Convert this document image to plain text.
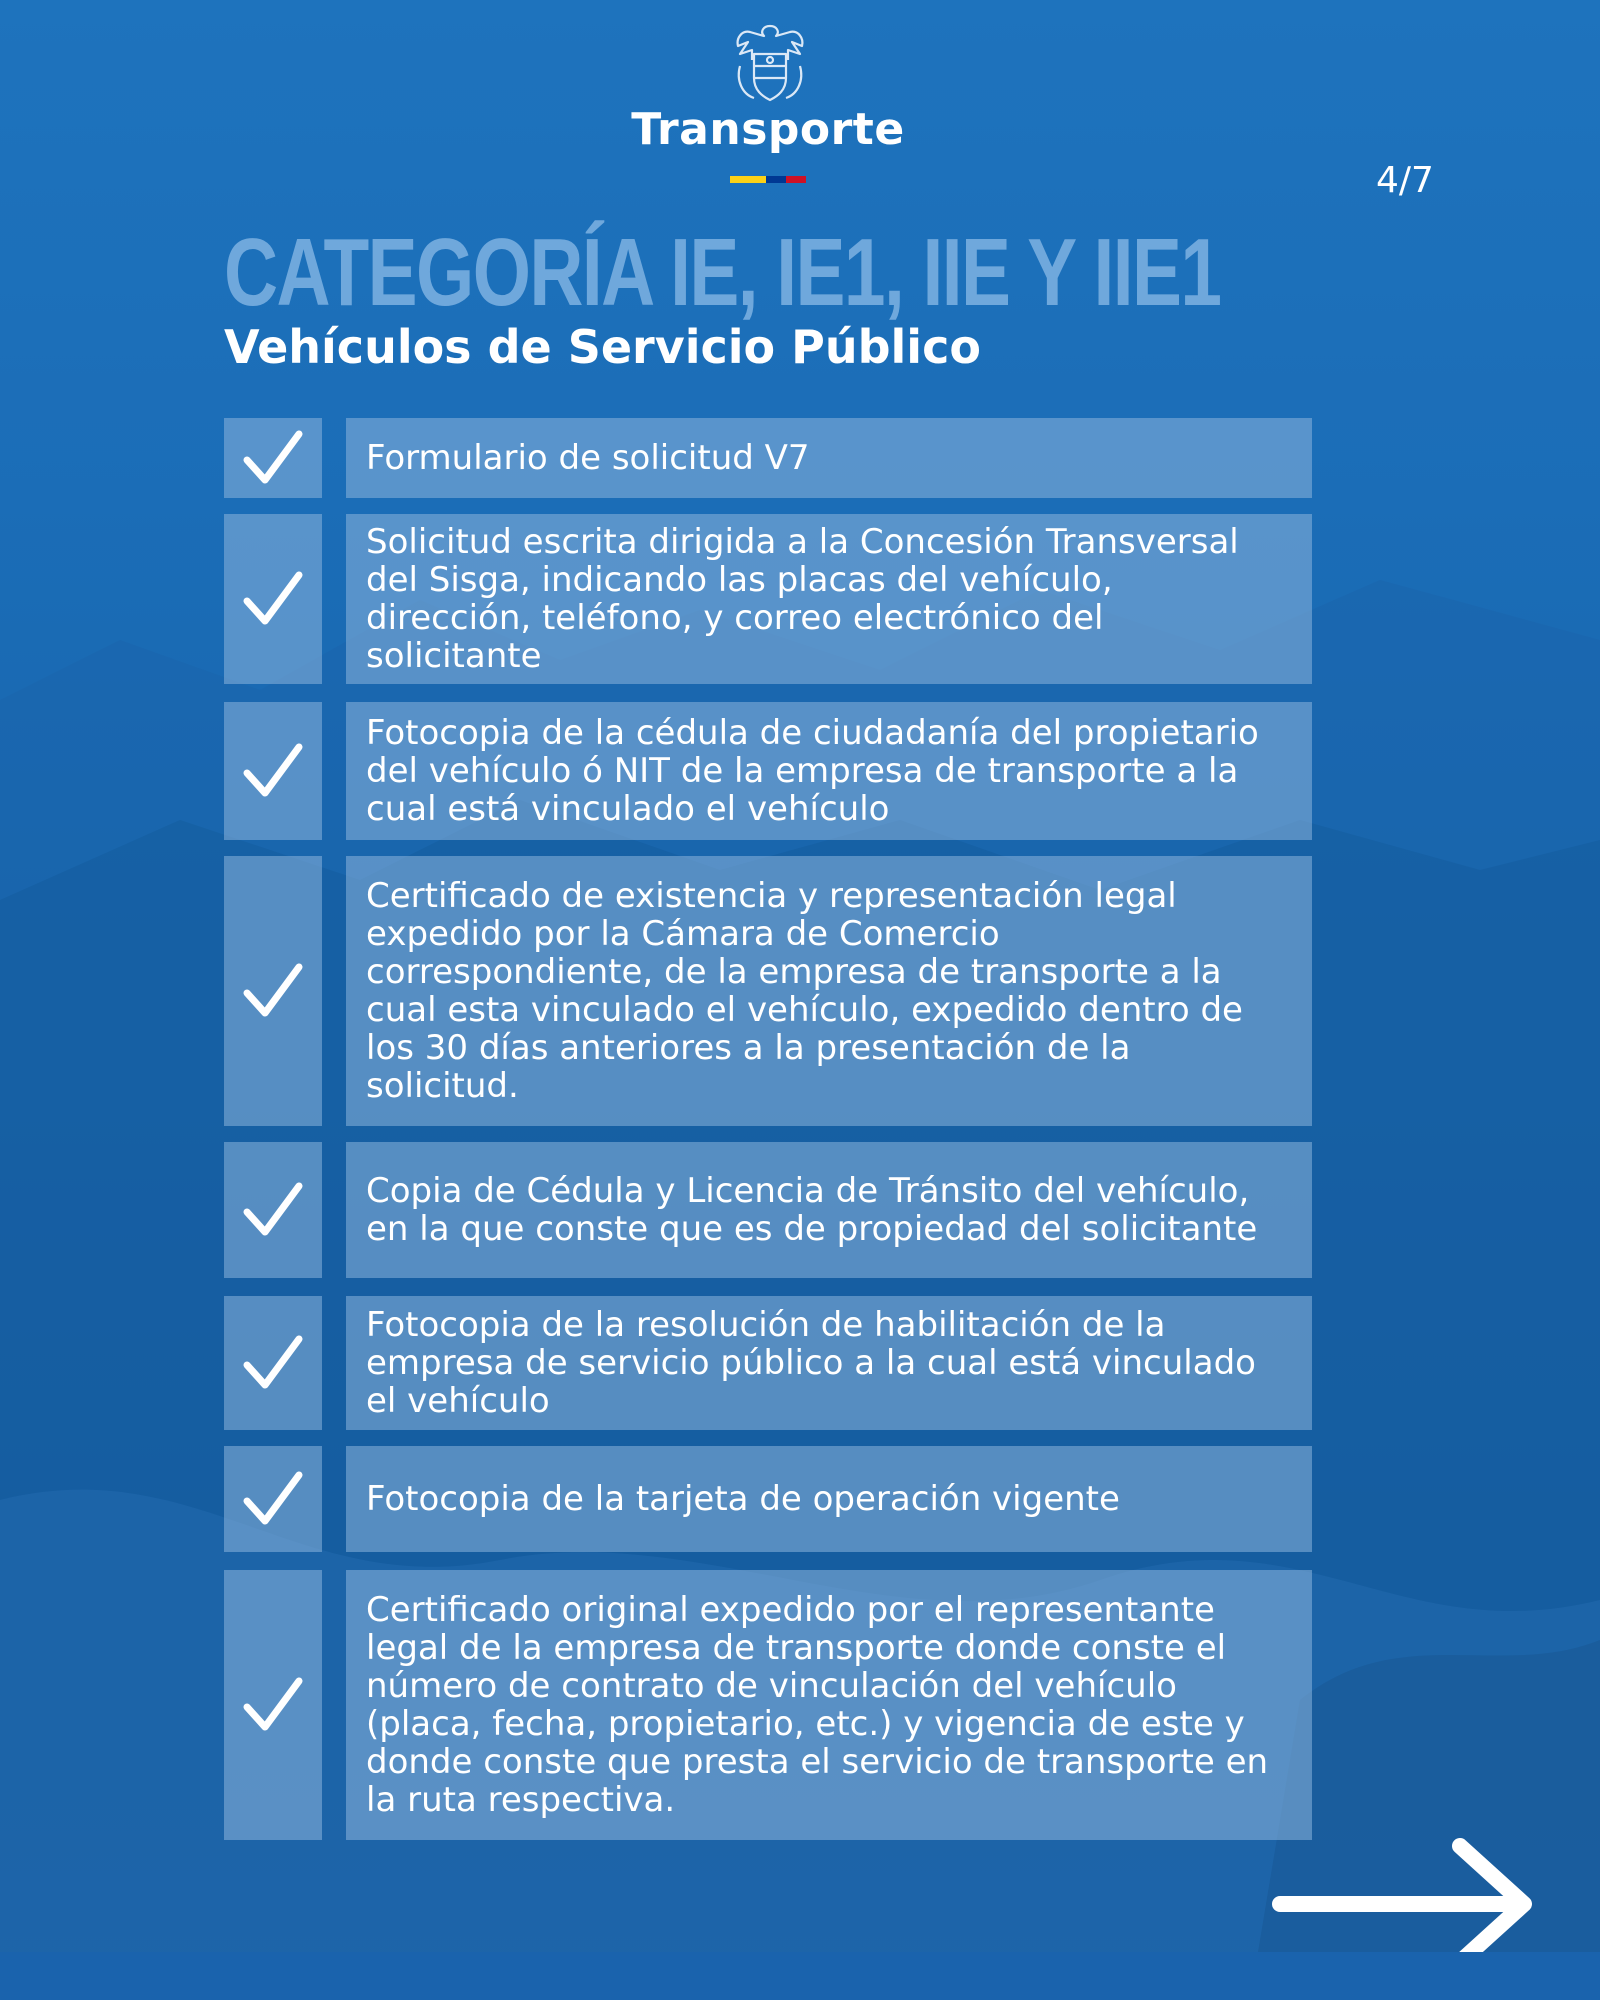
Transporte
4/7
CATEGORÍA IE, IE1, IIE Y IIE1
Vehículos de Servicio Público
Formulario de solicitud V7
Solicitud escrita dirigida a la Concesión Transversal del Sisga, indicando las placas del vehículo, dirección, teléfono, y correo electrónico del solicitante
Fotocopia de la cédula de ciudadanía del propietario del vehículo ó NIT de la empresa de transporte a la cual está vinculado el vehículo
Certificado de existencia y representación legal expedido por la Cámara de Comercio correspondiente, de la empresa de transporte a la cual esta vinculado el vehículo, expedido dentro de los 30 días anteriores a la presentación de la solicitud.
Copia de Cédula y Licencia de Tránsito del vehículo, en la que conste que es de propiedad del solicitante
Fotocopia de la resolución de habilitación de la empresa de servicio público a la cual está vinculado el vehículo
Fotocopia de la tarjeta de operación vigente
Certificado original expedido por el representante legal de la empresa de transporte donde conste el número de contrato de vinculación del vehículo (placa, fecha, propietario, etc.) y vigencia de este y donde conste que presta el servicio de transporte en la ruta respectiva.
